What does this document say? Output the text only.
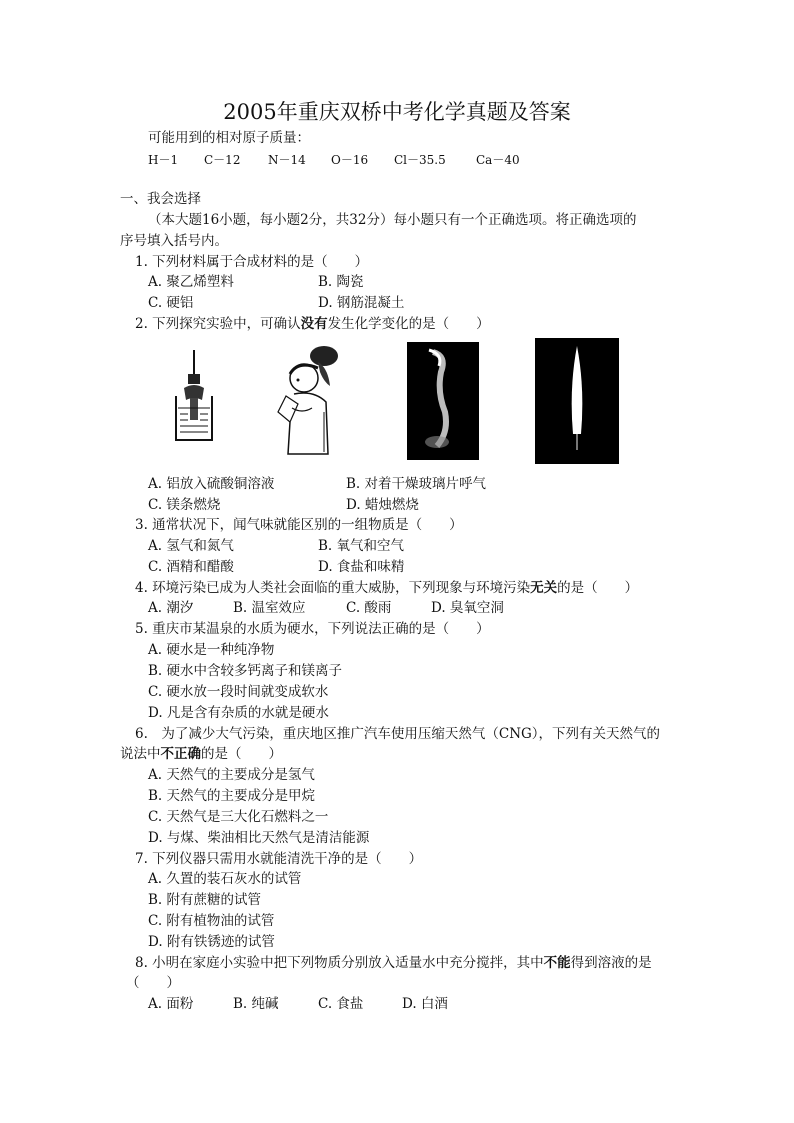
2005年重庆双桥中考化学真题及答案
可能用到的相对原子质量：
H－1 C－12 N－14 O－16 Cl－35.5	Ca－40
一、我会选择
（本大题16小题，每小题2分，共32分）每小题只有一个正确选项。将正确选项的
序号填入括号内。
1. 下列材料属于合成材料的是（　　）
A. 聚乙烯塑料	B. 陶瓷
C. 硬铝	D. 钢筋混凝土
2. 下列探究实验中，可确认没有发生化学变化的是（　　）
A. 铝放入硫酸铜溶液	B. 对着干燥玻璃片呼气
C. 镁条燃烧	D. 蜡烛燃烧
3. 通常状况下，闻气味就能区别的一组物质是（　　）
A. 氢气和氮气	B. 氧气和空气
C. 酒精和醋酸	D. 食盐和味精
4. 环境污染已成为人类社会面临的重大威胁，下列现象与环境污染无关的是（　　）
A. 潮汐	B. 温室效应	C. 酸雨	D. 臭氧空洞
5. 重庆市某温泉的水质为硬水，下列说法正确的是（　　）
A. 硬水是一种纯净物
B. 硬水中含较多钙离子和镁离子
C. 硬水放一段时间就变成软水
D. 凡是含有杂质的水就是硬水
6.　为了减少大气污染，重庆地区推广汽车使用压缩天然气（CNG），下列有关天然气的
说法中不正确的是（　　）
A. 天然气的主要成分是氢气
B. 天然气的主要成分是甲烷
C. 天然气是三大化石燃料之一
D. 与煤、柴油相比天然气是清洁能源
7. 下列仪器只需用水就能清洗干净的是（　　）
A. 久置的装石灰水的试管
B. 附有蔗糖的试管
C. 附有植物油的试管
D. 附有铁锈迹的试管
8. 小明在家庭小实验中把下列物质分别放入适量水中充分搅拌，其中不能得到溶液的是
（　　）
A. 面粉	B. 纯碱	C. 食盐	D. 白酒
